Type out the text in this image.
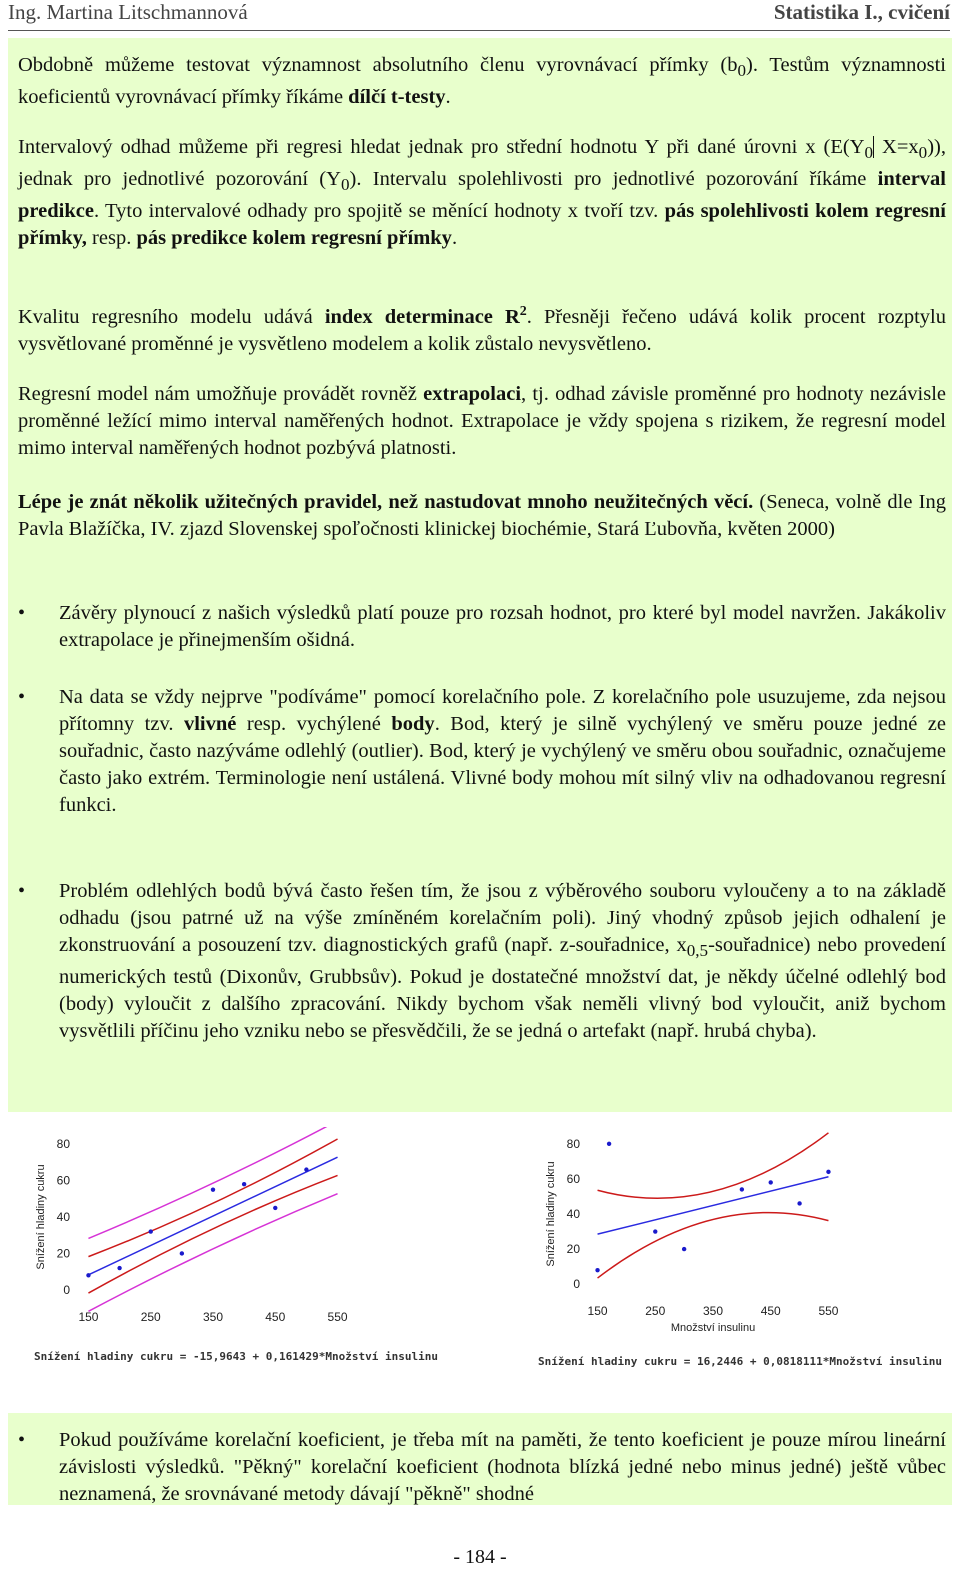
Ing. Martina Litschmannová	Statistika I., cvičení
Obdobně můžeme testovat významnost absolutního členu vyrovnávací přímky $(b_0)$. Testům významnosti koeficientů vyrovnávací přímky říkáme dílčí t-testy.
Intervalový odhad můžeme při regresi hledat jednak pro střední hodnotu Y při dané úrovni x ($E(Y_0$ $X=x_0$)), jednak pro jednotlivé pozorování $(Y_0)$. Intervalu spolehlivosti pro jednotlivé pozorování říkáme interval predikce. Tyto intervalové odhady pro spojitě se měnící hodnoty x tvoří tzv. pás spolehlivosti kolem regresní přímky, resp. pás predikce kolem regresní přímky.
Kvalitu regresního modelu udává index determinace $R^2$. Přesněji řečeno udává kolik procent rozptylu vysvětlované proměnné je vysvětleno modelem a kolik zůstalo nevysvětleno.
Regresní model nám umožňuje provádět rovněž extrapolaci, tj. odhad závisle proměnné pro hodnoty nezávisle proměnné ležící mimo interval naměřených hodnot. Extrapolace je vždy spojena s rizikem, že regresní model mimo interval naměřených hodnot pozbývá platnosti.
Lépe je znát několik užitečných pravidel, než nastudovat mnoho neužitečných věcí. (Seneca, volně dle Ing Pavla Blažíčka, IV. zjazd Slovenskej spoľočnosti klinickej biochémie, Stará Ľubovňa, květen 2000)
• Závěry plynoucí z našich výsledků platí pouze pro rozsah hodnot, pro které byl model navržen. Jakákoliv extrapolace je přinejmenším ošidná.
• Na data se vždy nejprve "podíváme" pomocí korelačního pole. Z korelačního pole usuzujeme, zda nejsou přítomny tzv. vlivné resp. vychýlené body. Bod, který je silně vychýlený ve směru pouze jedné ze souřadnic, často nazýváme odlehlý (outlier). Bod, který je vychýlený ve směru obou souřadnic, označujeme často jako extrém. Terminologie není ustálená. Vlivné body mohou mít silný vliv na odhadovanou regresní funkci.
• Problém odlehlých bodů bývá často řešen tím, že jsou z výběrového souboru vyloučeny a to na základě odhadu (jsou patrné už na výše zmíněném korelačním poli). Jiný vhodný způsob jejich odhalení je zkonstruování a posouzení tzv. diagnostických grafů (např. z-souřadnice, $x_{0,5}-souřadnice$) nebo provedení numerických testů (Dixonův, Grubbsův). Pokud je dostatečné množství dat, je někdy účelné odlehlý bod (body) vyloučit z dalšího zpracování. Nikdy bychom však neměli vlivný bod vyloučit, aniž bychom vysvětlili příčinu jeho vzniku nebo se přesvědčili, že se jedná o artefakt (např. hrubá chyba).
0
20
40
60
80
150	250	350	450	550
Snížení hladiny cukru
Snížení hladiny cukru = -15,9643 + 0,161429*Množství insulinu
0
20
40
60
80
150	250	350	450	550
Snížení hladiny cukru
Množství insulinu
Snížení hladiny cukru = 16,2446 + 0,0818111*Množství insulinu
• Pokud používáme korelační koeficient, je třeba mít na paměti, že tento koeficient je pouze mírou lineární závislosti výsledků. "Pěkný" korelační koeficient (hodnota blízká jedné nebo minus jedné) ještě vůbec neznamená, že srovnávané metody dávají "pěkně" shodné
- 184 -
